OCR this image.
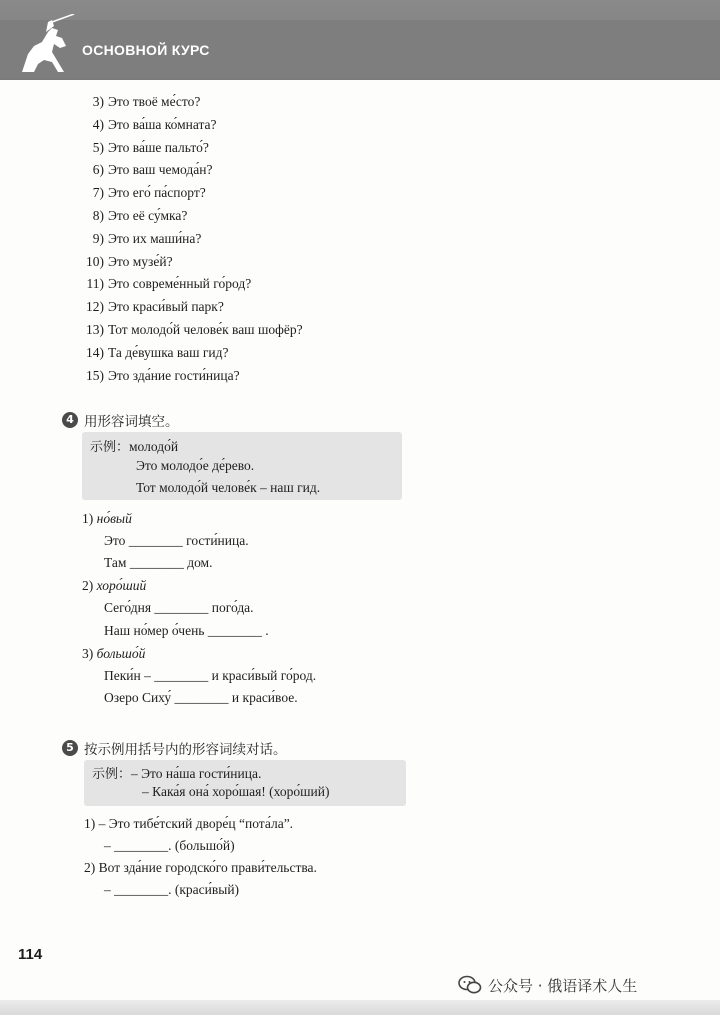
ОСНОВНОЙ КУРС
3) Это твоё ме́сто?
4) Это ва́ша ко́мната?
5) Это ва́ше пальто́?
6) Это ваш чемода́н?
7) Это его́ па́спорт?
8) Это её су́мка?
9) Это их маши́на?
10) Это музе́й?
11) Это совреме́нный го́род?
12) Это краси́вый парк?
13) Тот молодо́й челове́к ваш шофёр?
14) Та де́вушка ваш гид?
15) Это зда́ние гости́ница?
4 用形容词填空。
示例：молодо́й
Это молодо́е де́рево.
Тот молодо́й челове́к – наш гид.
1) но́вый
Это ________ гости́ница.
Там ________ дом.
2) хоро́ший
Сего́дня ________ пого́да.
Наш но́мер о́чень ________ .
3) большо́й
Пеки́н – ________ и краси́вый го́род.
Озеро Сиху́ ________ и краси́вое.
5 按示例用括号内的形容词续对话。
示例：– Это на́ша гости́ница.
– Кака́я она́ хоро́шая! (хоро́ший)
1) – Это тибе́тский дворе́ц “пота́ла”.
– ________. (большо́й)
2) Вот зда́ние городско́го прави́тельства.
– ________. (краси́вый)
114
公众号 · 俄语译术人生
